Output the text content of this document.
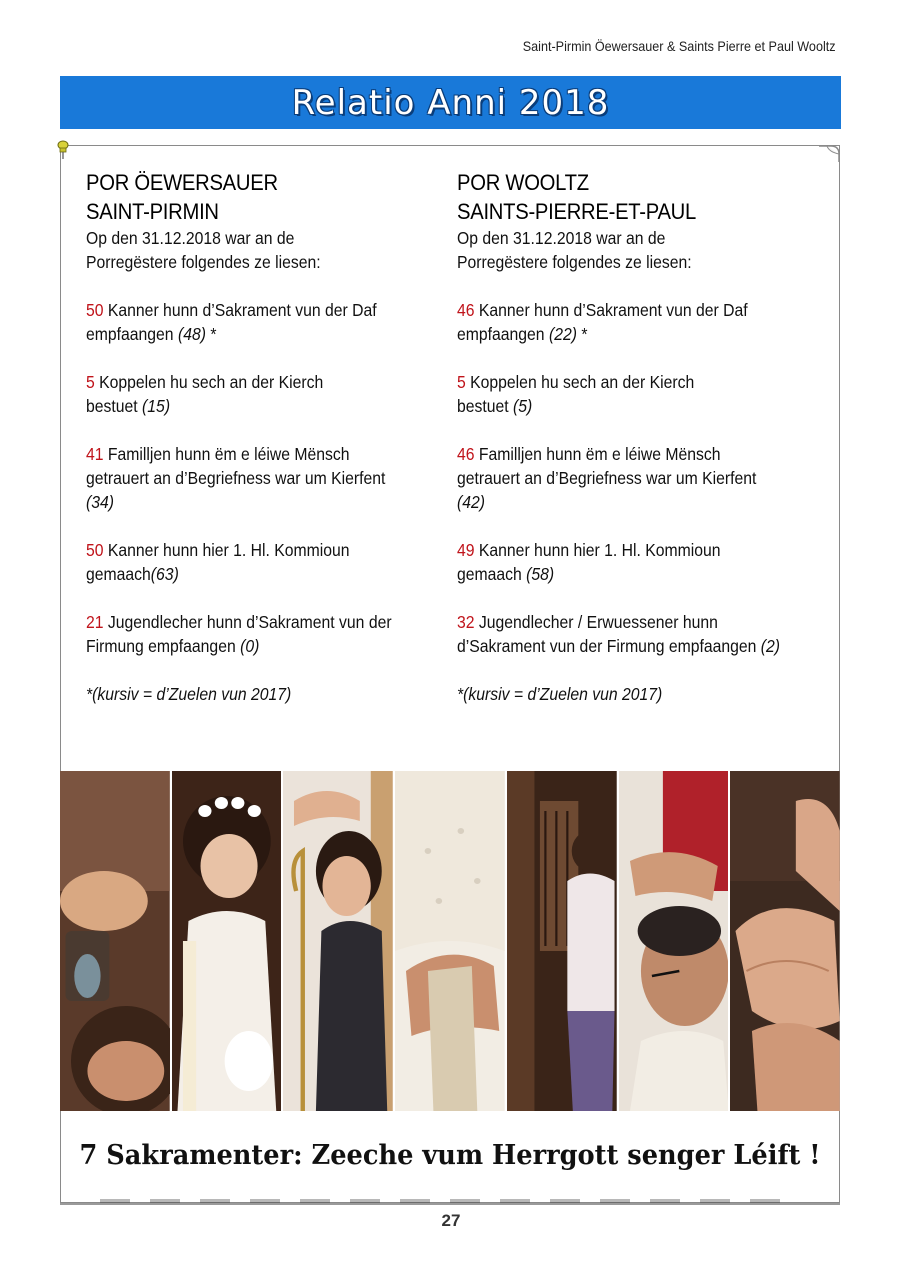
Saint-Pirmin Öewersauer & Saints Pierre et Paul Wooltz
Relatio Anni 2018
POR ÖEWERSAUER
SAINT-PIRMIN
Op den 31.12.2018 war an de
Porregëstere folgendes ze liesen:
50 Kanner hunn d’Sakrament vun der Daf
empfaangen (48) *
5 Koppelen hu sech an der Kierch
bestuet (15)
41 Familljen hunn ëm e léiwe Mënsch
getrauert an d’Begriefness war um Kierfent
(34)
50 Kanner hunn hier 1. Hl. Kommioun
gemaach(63)
21 Jugendlecher hunn d’Sakrament vun der
Firmung empfaangen (0)
*(kursiv = d’Zuelen vun 2017)
POR WOOLTZ
SAINTS-PIERRE-ET-PAUL
Op den 31.12.2018 war an de
Porregëstere folgendes ze liesen:
46 Kanner hunn d’Sakrament vun der Daf
empfaangen (22) *
5 Koppelen hu sech an der Kierch
bestuet (5)
46 Familljen hunn ëm e léiwe Mënsch
getrauert an d’Begriefness war um Kierfent
(42)
49 Kanner hunn hier 1. Hl. Kommioun
gemaach (58)
32 Jugendlecher / Erwuessener hunn
d’Sakrament vun der Firmung empfaangen (2)
*(kursiv = d’Zuelen vun 2017)
7 Sakramenter: Zeeche vum Herrgott senger Léift !
27
